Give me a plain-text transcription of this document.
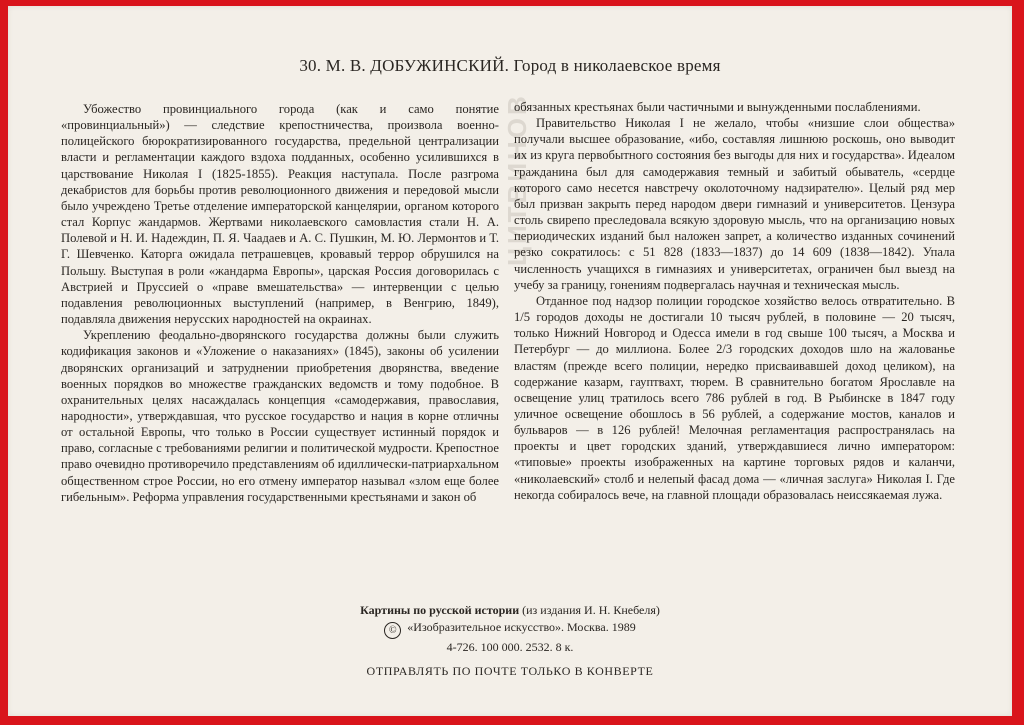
30. М. В. ДОБУЖИНСКИЙ. Город в николаевское время

Убожество провинциального города (как и само понятие «провинциальный») — следствие крепостничества, произвола военно-полицейского бюрократизированного государства, предельной централизации власти и регламентации каждого вздоха подданных, особенно усилившихся в царствование Николая I (1825-1855). Реакция наступала. После разгрома декабристов для борьбы против революционного движения и передовой мысли было учреждено Третье отделение императорской канцелярии, органом которого стал Корпус жандармов. Жертвами николаевского самовластия стали Н. А. Полевой и Н. И. Надеждин, П. Я. Чаадаев и А. С. Пушкин, М. Ю. Лермонтов и Т. Г. Шевченко. Каторга ожидала петрашевцев, кровавый террор обрушился на Польшу. Выступая в роли «жандарма Европы», царская Россия договорилась с Австрией и Пруссией о «праве вмешательства» — интервенции с целью подавления революционных выступлений (например, в Венгрию, 1849), подавляла движения нерусских народностей на окраинах.

Укреплению феодально-дворянского государства должны были служить кодификация законов и «Уложение о наказаниях» (1845), законы об усилении дворянских организаций и затруднении приобретения дворянства, введение военных порядков во множестве гражданских ведомств и тому подобное. В охранительных целях насаждалась концепция «самодержавия, православия, народности», утверждавшая, что русское государство и нация в корне отличны от остальной Европы, что только в России существует истинный порядок и право, согласные с требованиями религии и политической мудрости. Крепостное право очевидно противоречило представлениям об идиллически-патриархальном общественном строе России, но его отмену император называл «злом еще более гибельным». Реформа управления государственными крестьянами и закон об

ЦИТВИНОВ

обязанных крестьянах были частичными и вынужденными послаблениями.

Правительство Николая I не желало, чтобы «низшие слои общества» получали высшее образование, «ибо, составляя лишнюю роскошь, оно выводит их из круга первобытного состояния без выгоды для них и государства». Идеалом гражданина был для самодержавия темный и забитый обыватель, «сердце которого само несется навстречу околоточному надзирателю». Целый ряд мер был призван закрыть перед народом двери гимназий и университетов. Цензура столь свирепо преследовала всякую здоровую мысль, что на организацию новых периодических изданий был наложен запрет, а количество изданных сочинений резко сократилось: с 51 828 (1833—1837) до 14 609 (1838—1842). Упала численность учащихся в гимназиях и университетах, ограничен был выезд на учебу за границу, гонениям подвергалась научная и техническая мысль.

Отданное под надзор полиции городское хозяйство велось отвратительно. В 1/5 городов доходы не достигали 10 тысяч рублей, в половине — 20 тысяч, только Нижний Новгород и Одесса имели в год свыше 100 тысяч, а Москва и Петербург — до миллиона. Более 2/3 городских доходов шло на жалованье властям (прежде всего полиции, нередко присваивавшей доход целиком), на содержание казарм, гауптвахт, тюрем. В сравнительно богатом Ярославле на освещение улиц тратилось всего 786 рублей в год. В Рыбинске в 1847 году уличное освещение обошлось в 56 рублей, а содержание мостов, каналов и бульваров — в 126 рублей! Мелочная регламентация распространялась на проекты и цвет городских зданий, утверждавшиеся лично императором: «типовые» проекты изображенных на картине торговых рядов и каланчи, «николаевский» столб и нелепый фасад дома — «личная заслуга» Николая I. Где некогда собиралось вече, на главной площади образовалась неиссякаемая лужа.

Картины по русской истории (из издания И. Н. Кнебеля)
© «Изобразительное искусство». Москва. 1989
4-726. 100 000. 2532. 8 к.
ОТПРАВЛЯТЬ ПО ПОЧТЕ ТОЛЬКО В КОНВЕРТЕ
